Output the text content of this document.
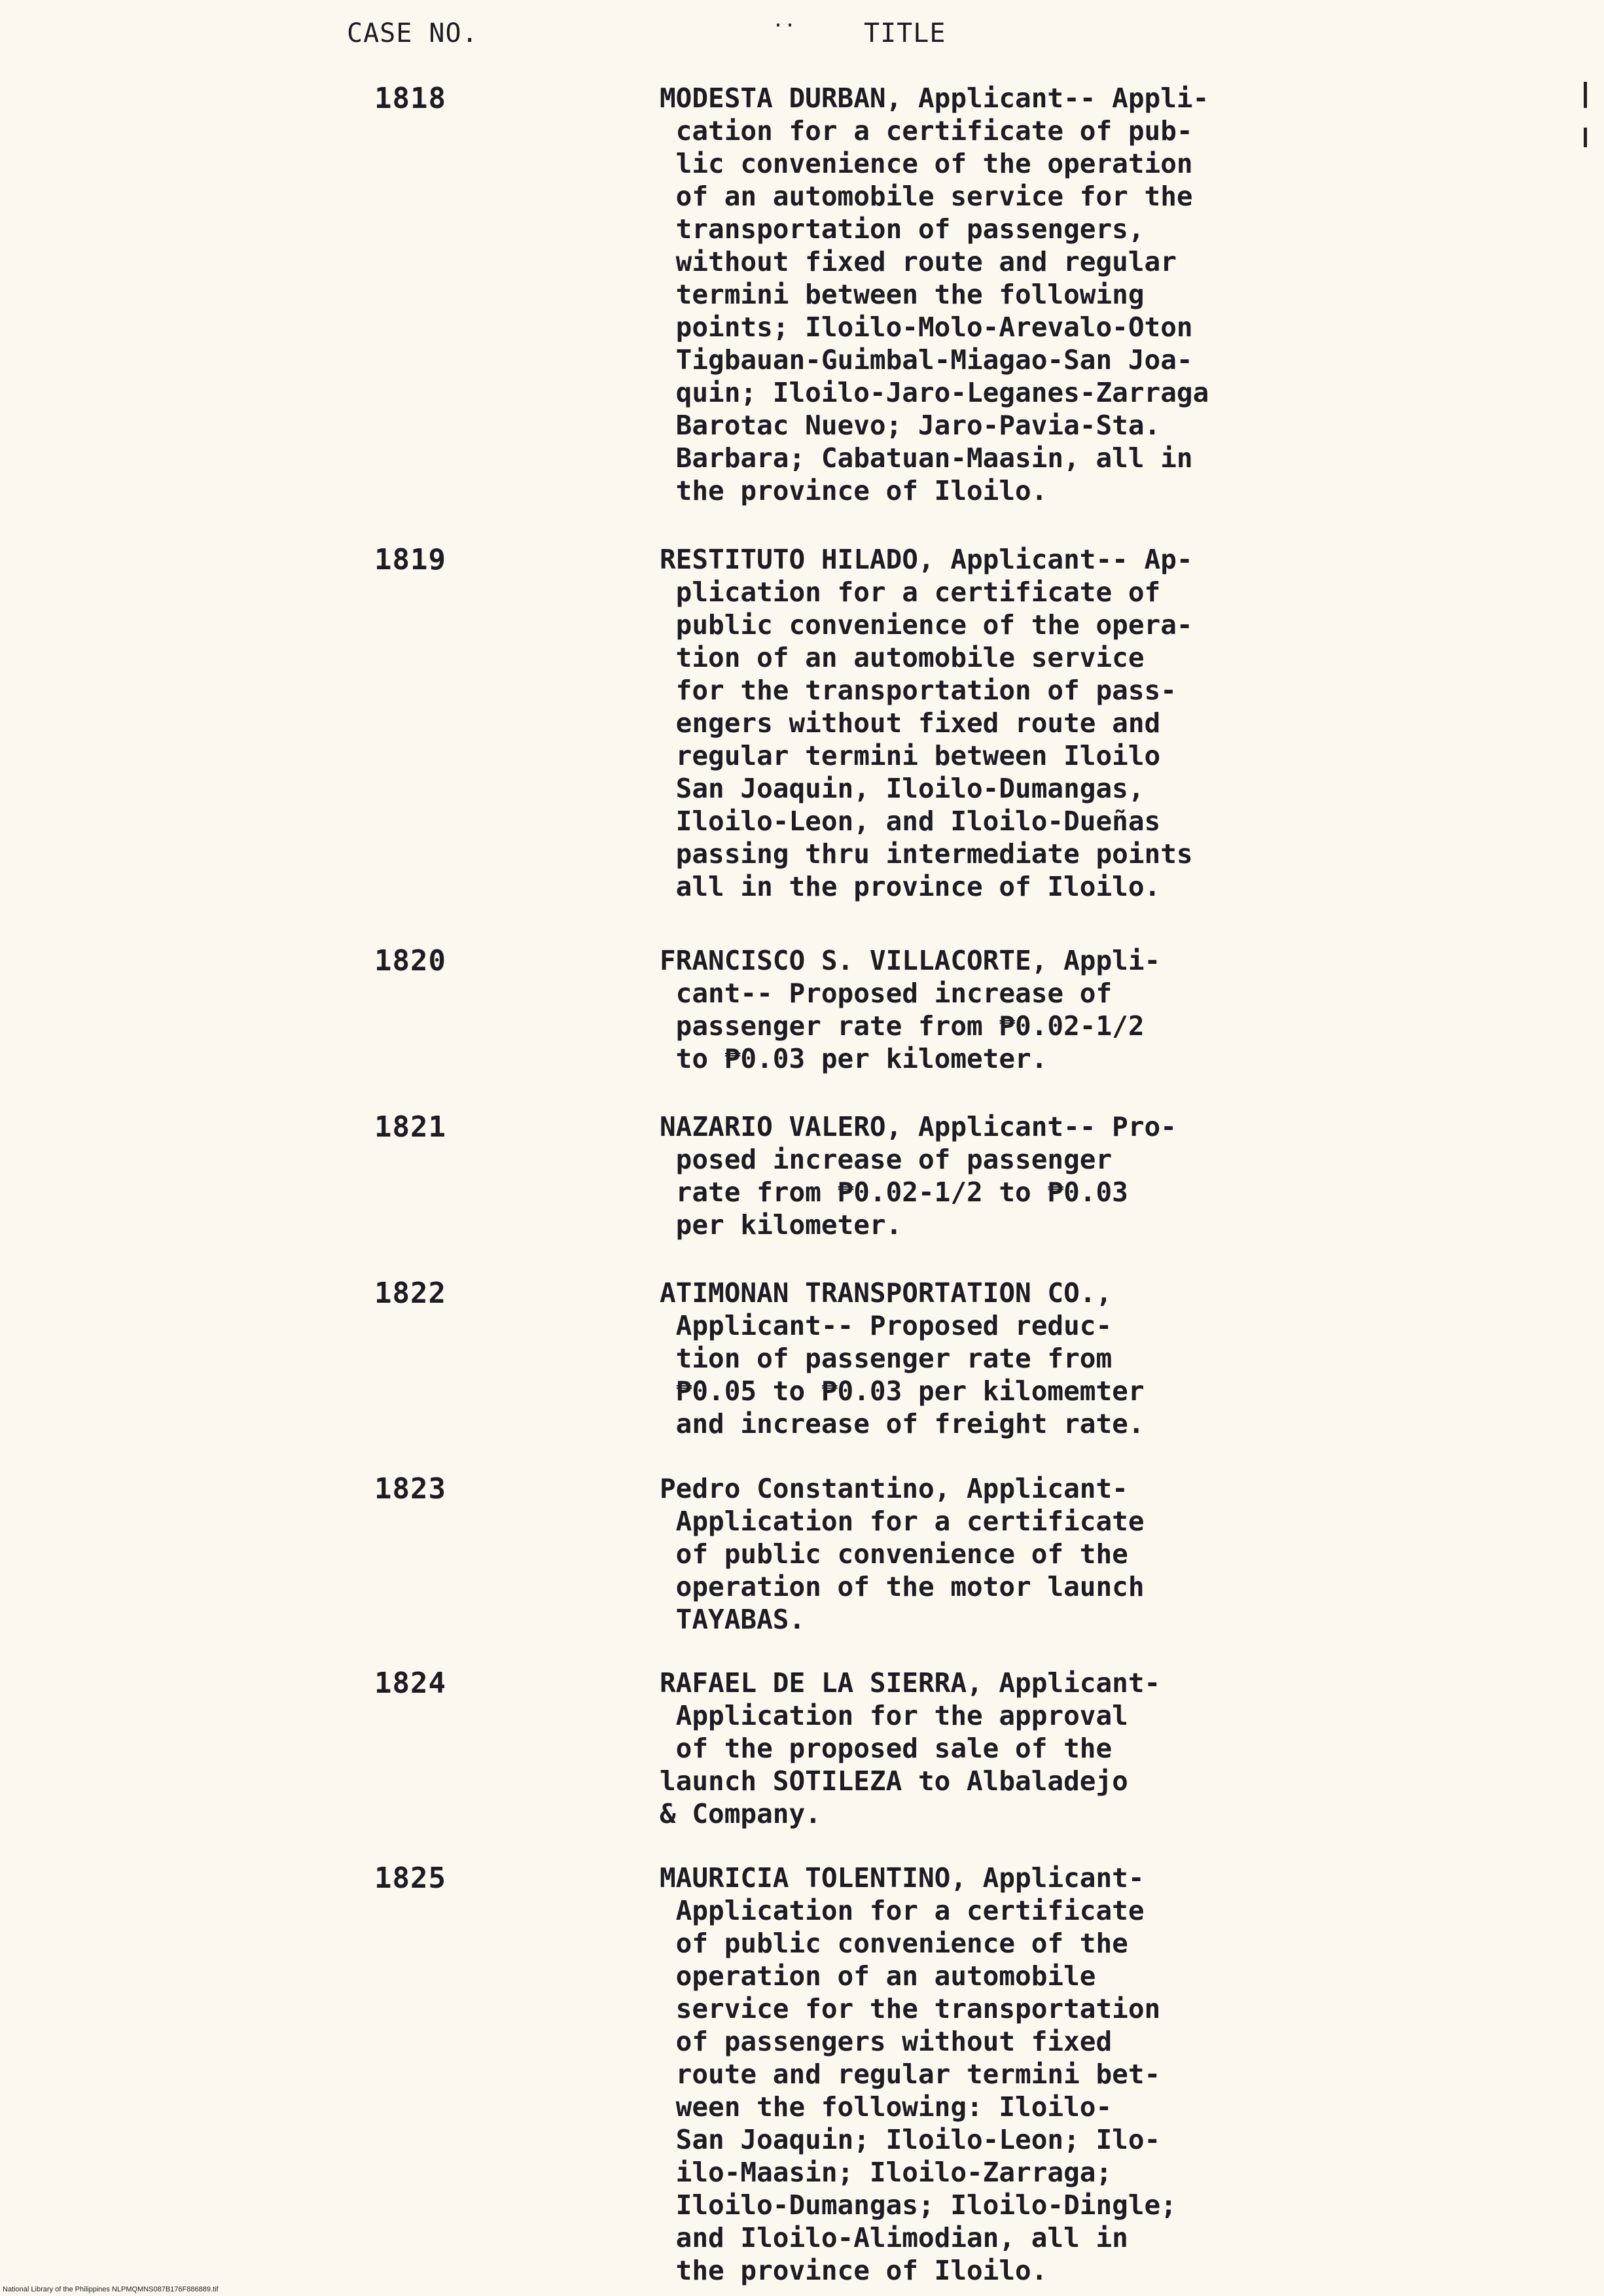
CASE NO.	··	TITLE
1818	MODESTA DURBAN, Applicant-- Appli-
cation for a certificate of pub-
lic convenience of the operation
of an automobile service for the
transportation of passengers,
without fixed route and regular
termini between the following
points; Iloilo-Molo-Arevalo-Oton
Tigbauan-Guimbal-Miagao-San Joa-
quin; Iloilo-Jaro-Leganes-Zarraga
Barotac Nuevo; Jaro-Pavia-Sta.
Barbara; Cabatuan-Maasin, all in
the province of Iloilo.
1819	RESTITUTO HILADO, Applicant-- Ap-
plication for a certificate of
public convenience of the opera-
tion of an automobile service
for the transportation of pass-
engers without fixed route and
regular termini between Iloilo
San Joaquin, Iloilo-Dumangas,
Iloilo-Leon, and Iloilo-Dueñas
passing thru intermediate points
all in the province of Iloilo.
1820	FRANCISCO S. VILLACORTE, Appli-
cant-- Proposed increase of
passenger rate from ₱0.02-1/2
to ₱0.03 per kilometer.
1821	NAZARIO VALERO, Applicant-- Pro-
posed increase of passenger
rate from ₱0.02-1/2 to ₱0.03
per kilometer.
1822	ATIMONAN TRANSPORTATION CO.,
Applicant-- Proposed reduc-
tion of passenger rate from
₱0.05 to ₱0.03 per kilomemter
and increase of freight rate.
1823	Pedro Constantino, Applicant-
Application for a certificate
of public convenience of the
operation of the motor launch
TAYABAS.
1824	RAFAEL DE LA SIERRA, Applicant-
Application for the approval
of the proposed sale of the
launch SOTILEZA to Albaladejo
& Company.
1825	MAURICIA TOLENTINO, Applicant-
Application for a certificate
of public convenience of the
operation of an automobile
service for the transportation
of passengers without fixed
route and regular termini bet-
ween the following: Iloilo-
San Joaquin; Iloilo-Leon; Ilo-
ilo-Maasin; Iloilo-Zarraga;
Iloilo-Dumangas; Iloilo-Dingle;
and Iloilo-Alimodian, all in
the province of Iloilo.
National Library of the Philippines NLPMQMNS087B176F886889.tif
